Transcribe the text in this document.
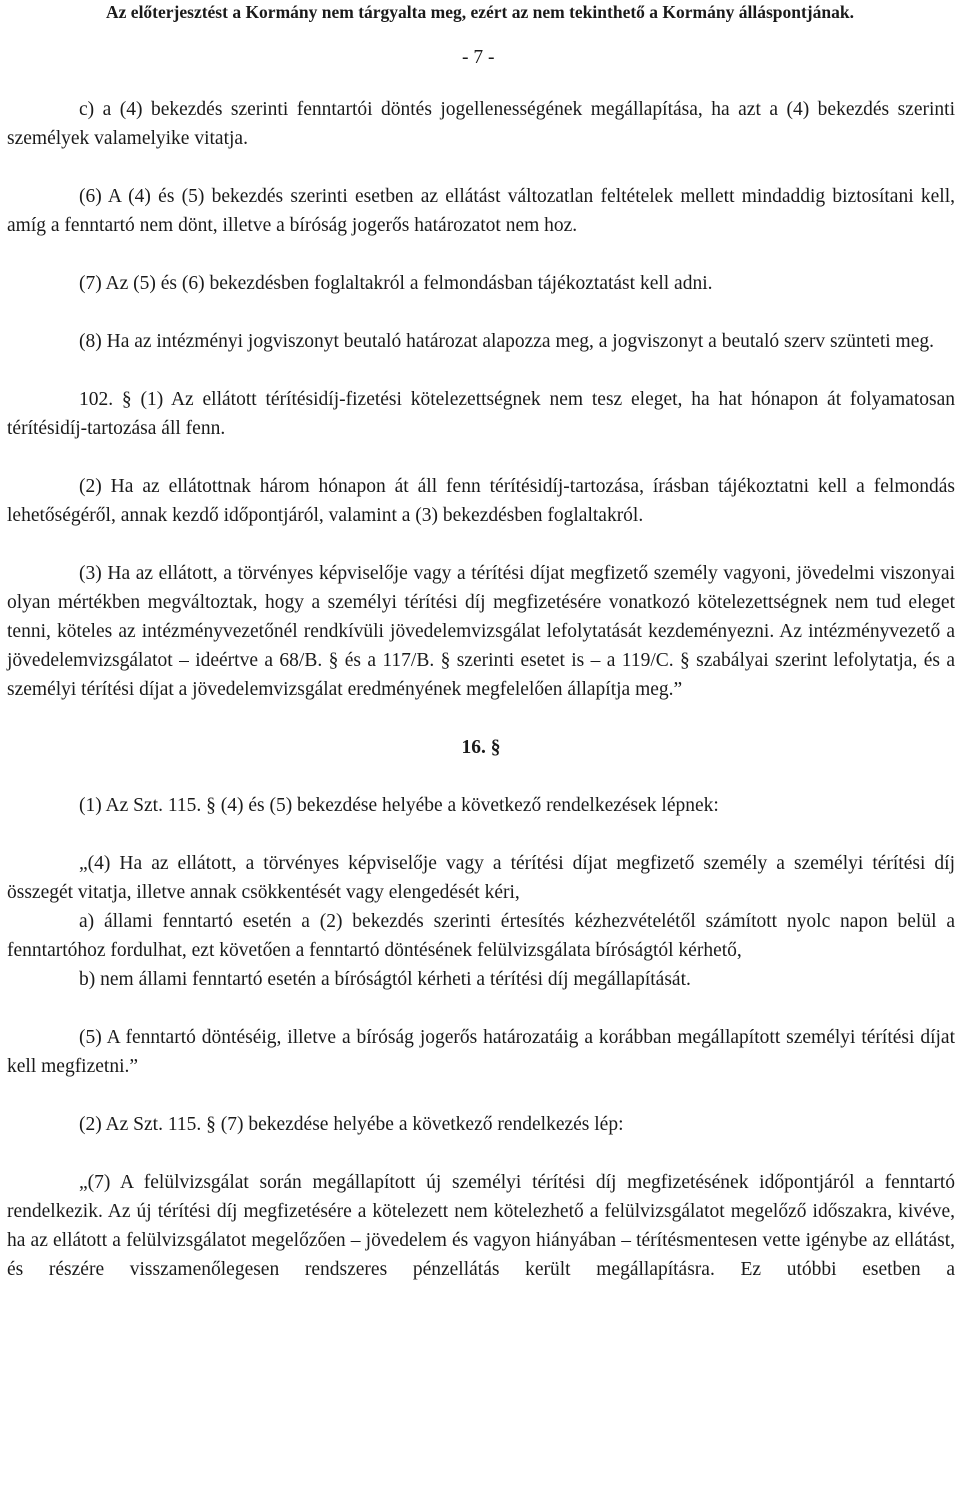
Az előterjesztést a Kormány nem tárgyalta meg, ezért az nem tekinthető a Kormány álláspontjának.
- 7 -

c) a (4) bekezdés szerinti fenntartói döntés jogellenességének megállapítása, ha azt a (4) bekezdés szerinti személyek valamelyike vitatja.

(6) A (4) és (5) bekezdés szerinti esetben az ellátást változatlan feltételek mellett mindaddig biztosítani kell, amíg a fenntartó nem dönt, illetve a bíróság jogerős határozatot nem hoz.

(7) Az (5) és (6) bekezdésben foglaltakról a felmondásban tájékoztatást kell adni.

(8) Ha az intézményi jogviszonyt beutaló határozat alapozza meg, a jogviszonyt a beutaló szerv szünteti meg.

102. § (1) Az ellátott térítésidíj-fizetési kötelezettségnek nem tesz eleget, ha hat hónapon át folyamatosan térítésidíj-tartozása áll fenn.

(2) Ha az ellátottnak három hónapon át áll fenn térítésidíj-tartozása, írásban tájékoztatni kell a felmondás lehetőségéről, annak kezdő időpontjáról, valamint a (3) bekezdésben foglaltakról.

(3) Ha az ellátott, a törvényes képviselője vagy a térítési díjat megfizető személy vagyoni, jövedelmi viszonyai olyan mértékben megváltoztak, hogy a személyi térítési díj megfizetésére vonatkozó kötelezettségnek nem tud eleget tenni, köteles az intézményvezetőnél rendkívüli jövedelemvizsgálat lefolytatását kezdeményezni. Az intézményvezető a jövedelemvizsgálatot – ideértve a 68/B. § és a 117/B. § szerinti esetet is – a 119/C. § szabályai szerint lefolytatja, és a személyi térítési díjat a jövedelemvizsgálat eredményének megfelelően állapítja meg.”

16. §

(1) Az Szt. 115. § (4) és (5) bekezdése helyébe a következő rendelkezések lépnek:

„(4) Ha az ellátott, a törvényes képviselője vagy a térítési díjat megfizető személy a személyi térítési díj összegét vitatja, illetve annak csökkentését vagy elengedését kéri,

a) állami fenntartó esetén a (2) bekezdés szerinti értesítés kézhezvételétől számított nyolc napon belül a fenntartóhoz fordulhat, ezt követően a fenntartó döntésének felülvizsgálata bíróságtól kérhető,

b) nem állami fenntartó esetén a bíróságtól kérheti a térítési díj megállapítását.

(5) A fenntartó döntéséig, illetve a bíróság jogerős határozatáig a korábban megállapított személyi térítési díjat kell megfizetni.”

(2) Az Szt. 115. § (7) bekezdése helyébe a következő rendelkezés lép:

„(7) A felülvizsgálat során megállapított új személyi térítési díj megfizetésének időpontjáról a fenntartó rendelkezik. Az új térítési díj megfizetésére a kötelezett nem kötelezhető a felülvizsgálatot megelőző időszakra, kivéve, ha az ellátott a felülvizsgálatot megelőzően – jövedelem és vagyon hiányában – térítésmentesen vette igénybe az ellátást, és részére visszamenőlegesen rendszeres pénzellátás került megállapításra. Ez utóbbi esetben a
